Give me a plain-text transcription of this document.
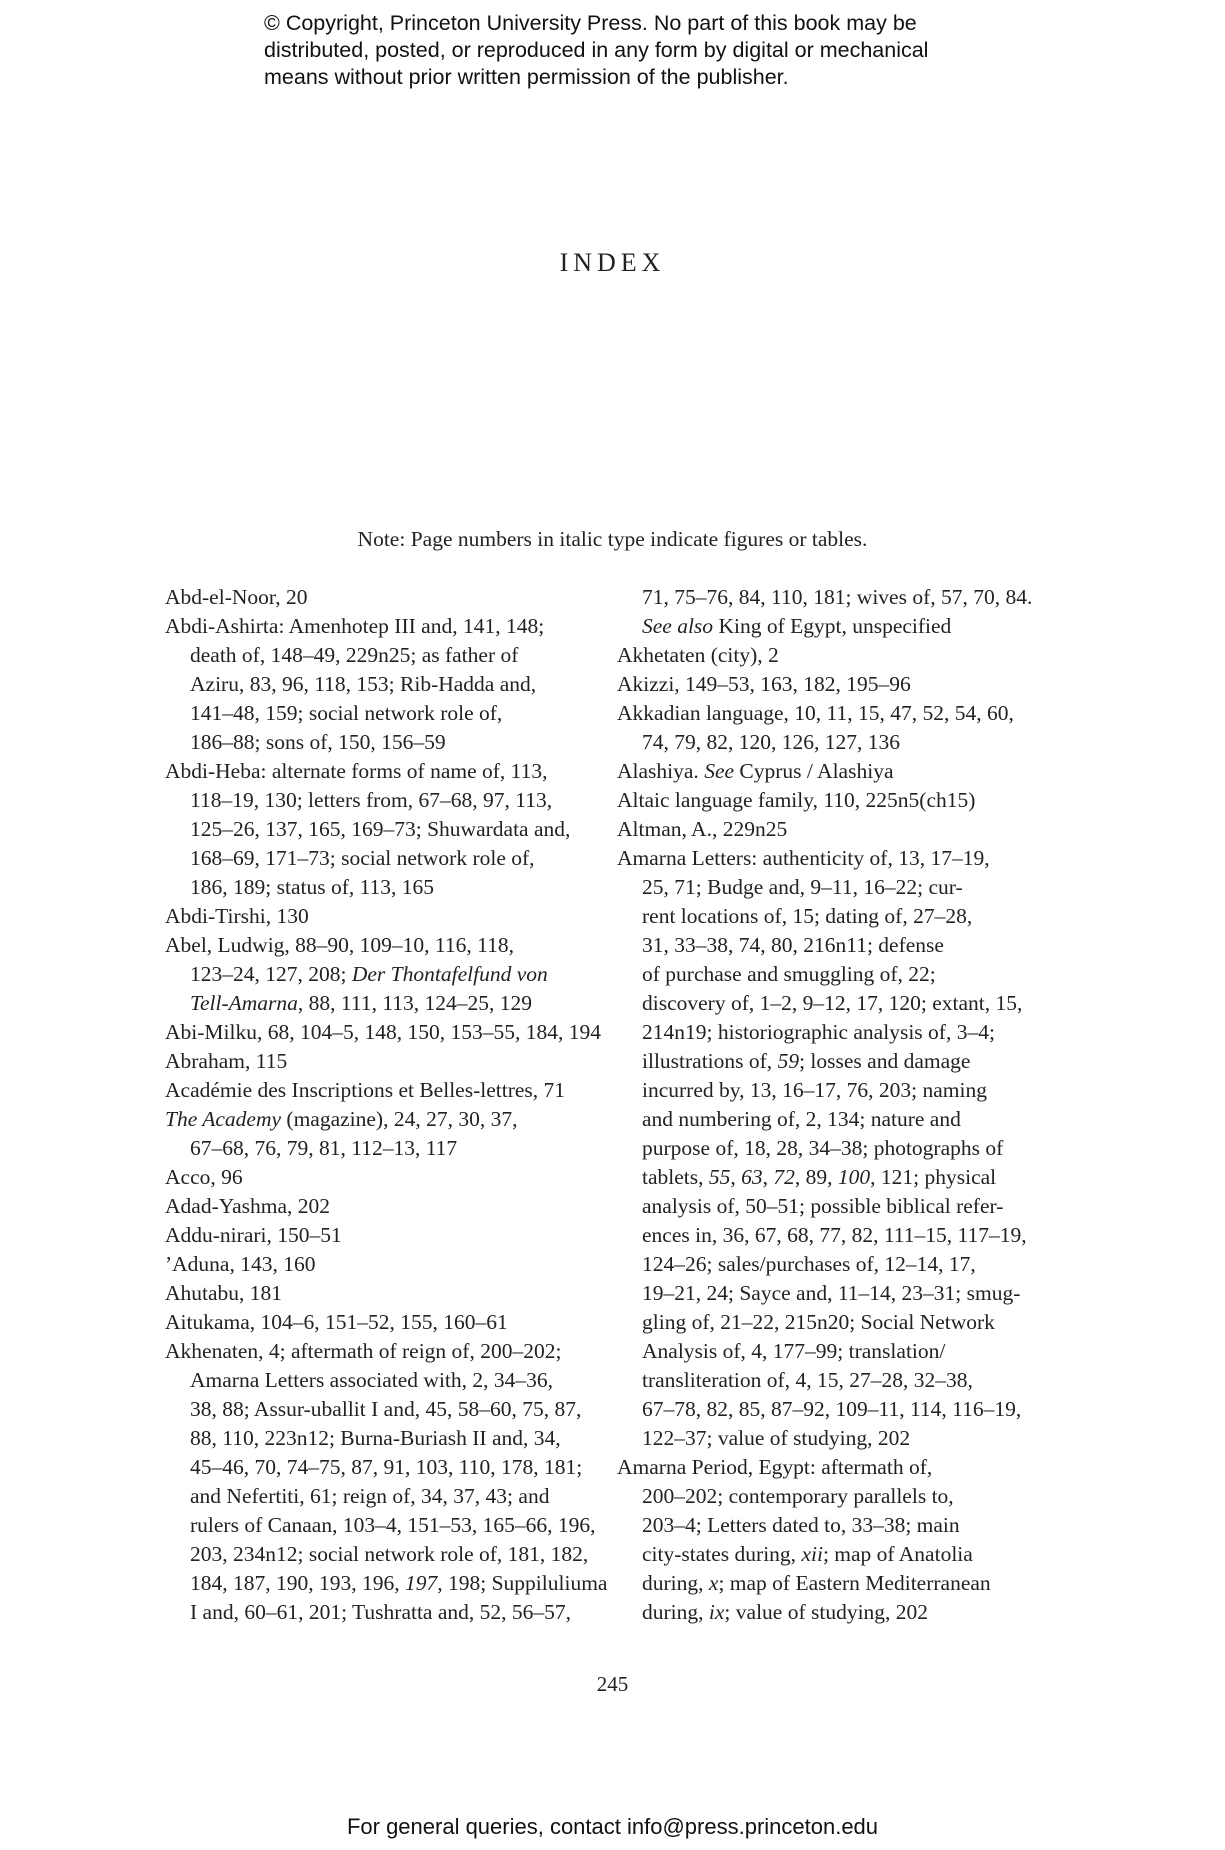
© Copyright, Princeton University Press. No part of this book may be
distributed, posted, or reproduced in any form by digital or mechanical
means without prior written permission of the publisher.
INDEX
Note: Page numbers in italic type indicate figures or tables.
Abd-el-Noor, 20
Abdi-Ashirta: Amenhotep III and, 141, 148;
death of, 148–49, 229n25; as father of
Aziru, 83, 96, 118, 153; Rib-Hadda and,
141–48, 159; social network role of,
186–88; sons of, 150, 156–59
Abdi-Heba: alternate forms of name of, 113,
118–19, 130; letters from, 67–68, 97, 113,
125–26, 137, 165, 169–73; Shuwardata and,
168–69, 171–73; social network role of,
186, 189; status of, 113, 165
Abdi-Tirshi, 130
Abel, Ludwig, 88–90, 109–10, 116, 118,
123–24, 127, 208; Der Thontafelfund von
Tell-Amarna, 88, 111, 113, 124–25, 129
Abi-Milku, 68, 104–5, 148, 150, 153–55, 184, 194
Abraham, 115
Académie des Inscriptions et Belles-lettres, 71
The Academy (magazine), 24, 27, 30, 37,
67–68, 76, 79, 81, 112–13, 117
Acco, 96
Adad-Yashma, 202
Addu-nirari, 150–51
’Aduna, 143, 160
Ahutabu, 181
Aitukama, 104–6, 151–52, 155, 160–61
Akhenaten, 4; aftermath of reign of, 200–202;
Amarna Letters associated with, 2, 34–36,
38, 88; Assur-uballit I and, 45, 58–60, 75, 87,
88, 110, 223n12; Burna-Buriash II and, 34,
45–46, 70, 74–75, 87, 91, 103, 110, 178, 181;
and Nefertiti, 61; reign of, 34, 37, 43; and
rulers of Canaan, 103–4, 151–53, 165–66, 196,
203, 234n12; social network role of, 181, 182,
184, 187, 190, 193, 196, 197, 198; Suppiluliuma
I and, 60–61, 201; Tushratta and, 52, 56–57,
71, 75–76, 84, 110, 181; wives of, 57, 70, 84.
See also King of Egypt, unspecified
Akhetaten (city), 2
Akizzi, 149–53, 163, 182, 195–96
Akkadian language, 10, 11, 15, 47, 52, 54, 60,
74, 79, 82, 120, 126, 127, 136
Alashiya. See Cyprus / Alashiya
Altaic language family, 110, 225n5(ch15)
Altman, A., 229n25
Amarna Letters: authenticity of, 13, 17–19,
25, 71; Budge and, 9–11, 16–22; cur-
rent locations of, 15; dating of, 27–28,
31, 33–38, 74, 80, 216n11; defense
of purchase and smuggling of, 22;
discovery of, 1–2, 9–12, 17, 120; extant, 15,
214n19; historiographic analysis of, 3–4;
illustrations of, 59; losses and damage
incurred by, 13, 16–17, 76, 203; naming
and numbering of, 2, 134; nature and
purpose of, 18, 28, 34–38; photographs of
tablets, 55, 63, 72, 89, 100, 121; physical
analysis of, 50–51; possible biblical refer-
ences in, 36, 67, 68, 77, 82, 111–15, 117–19,
124–26; sales/purchases of, 12–14, 17,
19–21, 24; Sayce and, 11–14, 23–31; smug-
gling of, 21–22, 215n20; Social Network
Analysis of, 4, 177–99; translation/
transliteration of, 4, 15, 27–28, 32–38,
67–78, 82, 85, 87–92, 109–11, 114, 116–19,
122–37; value of studying, 202
Amarna Period, Egypt: aftermath of,
200–202; contemporary parallels to,
203–4; Letters dated to, 33–38; main
city-states during, xii; map of Anatolia
during, x; map of Eastern Mediterranean
during, ix; value of studying, 202
245
For general queries, contact info@press.princeton.edu
